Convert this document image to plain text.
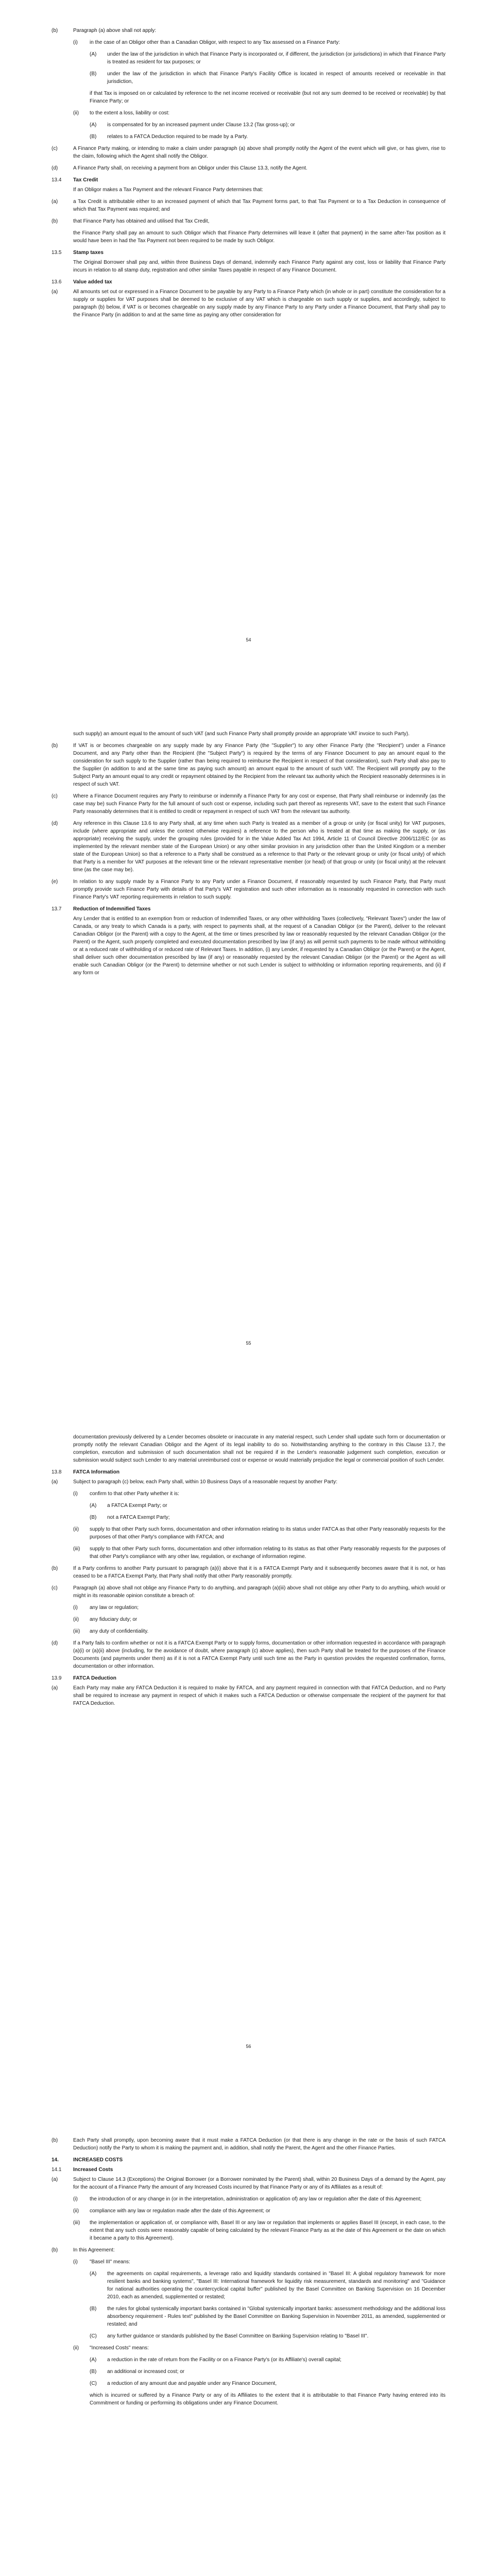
(b)	Paragraph (a) above shall not apply:
(i)	in the case of an Obligor other than a Canadian Obligor, with respect to any Tax assessed on a Finance Party:
(A)	under the law of the jurisdiction in which that Finance Party is incorporated or, if different, the jurisdiction (or jurisdictions) in which that Finance Party is treated as resident for tax purposes; or
(B)	under the law of the jurisdiction in which that Finance Party's Facility Office is located in respect of amounts received or receivable in that jurisdiction,
if that Tax is imposed on or calculated by reference to the net income received or receivable (but not any sum deemed to be received or receivable) by that Finance Party; or
(ii)	to the extent a loss, liability or cost:
(A)	is compensated for by an increased payment under Clause 13.2 (Tax gross-up); or
(B)	relates to a FATCA Deduction required to be made by a Party.
(c)	A Finance Party making, or intending to make a claim under paragraph (a) above shall promptly notify the Agent of the event which will give, or has given, rise to the claim, following which the Agent shall notify the Obligor.
(d)	A Finance Party shall, on receiving a payment from an Obligor under this Clause 13.3, notify the Agent.
13.4	Tax Credit
If an Obligor makes a Tax Payment and the relevant Finance Party determines that:
(a)	a Tax Credit is attributable either to an increased payment of which that Tax Payment forms part, to that Tax Payment or to a Tax Deduction in consequence of which that Tax Payment was required; and
(b)	that Finance Party has obtained and utilised that Tax Credit,
the Finance Party shall pay an amount to such Obligor which that Finance Party determines will leave it (after that payment) in the same after-Tax position as it would have been in had the Tax Payment not been required to be made by such Obligor.
13.5	Stamp taxes
The Original Borrower shall pay and, within three Business Days of demand, indemnify each Finance Party against any cost, loss or liability that Finance Party incurs in relation to all stamp duty, registration and other similar Taxes payable in respect of any Finance Document.
13.6	Value added tax
(a)	All amounts set out or expressed in a Finance Document to be payable by any Party to a Finance Party which (in whole or in part) constitute the consideration for a supply or supplies for VAT purposes shall be deemed to be exclusive of any VAT which is chargeable on such supply or supplies, and accordingly, subject to paragraph (b) below, if VAT is or becomes chargeable on any supply made by any Finance Party to any Party under a Finance Document, that Party shall pay to the Finance Party (in addition to and at the same time as paying any other consideration for
54
such supply) an amount equal to the amount of such VAT (and such Finance Party shall promptly provide an appropriate VAT invoice to such Party).
(b)	If VAT is or becomes chargeable on any supply made by any Finance Party (the "Supplier") to any other Finance Party (the "Recipient") under a Finance Document, and any Party other than the Recipient (the "Subject Party") is required by the terms of any Finance Document to pay an amount equal to the consideration for such supply to the Supplier (rather than being required to reimburse the Recipient in respect of that consideration), such Party shall also pay to the Supplier (in addition to and at the same time as paying such amount) an amount equal to the amount of such VAT. The Recipient will promptly pay to the Subject Party an amount equal to any credit or repayment obtained by the Recipient from the relevant tax authority which the Recipient reasonably determines is in respect of such VAT.
(c)	Where a Finance Document requires any Party to reimburse or indemnify a Finance Party for any cost or expense, that Party shall reimburse or indemnify (as the case may be) such Finance Party for the full amount of such cost or expense, including such part thereof as represents VAT, save to the extent that such Finance Party reasonably determines that it is entitled to credit or repayment in respect of such VAT from the relevant tax authority.
(d)	Any reference in this Clause 13.6 to any Party shall, at any time when such Party is treated as a member of a group or unity (or fiscal unity) for VAT purposes, include (where appropriate and unless the context otherwise requires) a reference to the person who is treated at that time as making the supply, or (as appropriate) receiving the supply, under the grouping rules (provided for in the Value Added Tax Act 1994, Article 11 of Council Directive 2006/112/EC (or as implemented by the relevant member state of the European Union) or any other similar provision in any jurisdiction other than the United Kingdom or a member state of the European Union) so that a reference to a Party shall be construed as a reference to that Party or the relevant group or unity (or fiscal unity) of which that Party is a member for VAT purposes at the relevant time or the relevant representative member (or head) of that group or unity (or fiscal unity) at the relevant time (as the case may be).
(e)	In relation to any supply made by a Finance Party to any Party under a Finance Document, if reasonably requested by such Finance Party, that Party must promptly provide such Finance Party with details of that Party's VAT registration and such other information as is reasonably requested in connection with such Finance Party's VAT reporting requirements in relation to such supply.
13.7	Reduction of Indemnified Taxes
Any Lender that is entitled to an exemption from or reduction of Indemnified Taxes, or any other withholding Taxes (collectively, "Relevant Taxes") under the law of Canada, or any treaty to which Canada is a party, with respect to payments shall, at the request of a Canadian Obligor (or the Parent), deliver to the relevant Canadian Obligor (or the Parent) with a copy to the Agent, at the time or times prescribed by law or reasonably requested by the relevant Canadian Obligor (or the Parent) or the Agent, such properly completed and executed documentation prescribed by law (if any) as will permit such payments to be made without withholding or at a reduced rate of withholding of or reduced rate of Relevant Taxes. In addition, (i) any Lender, if requested by a Canadian Obligor (or the Parent) or the Agent, shall deliver such other documentation prescribed by law (if any) or reasonably requested by the relevant Canadian Obligor (or the Parent) or the Agent as will enable such Canadian Obligor (or the Parent) to determine whether or not such Lender is subject to withholding or information reporting requirements, and (ii) if any form or
55
documentation previously delivered by a Lender becomes obsolete or inaccurate in any material respect, such Lender shall update such form or documentation or promptly notify the relevant Canadian Obligor and the Agent of its legal inability to do so. Notwithstanding anything to the contrary in this Clause 13.7, the completion, execution and submission of such documentation shall not be required if in the Lender's reasonable judgement such completion, execution or submission would subject such Lender to any material unreimbursed cost or expense or would materially prejudice the legal or commercial position of such Lender.
13.8	FATCA Information
(a)	Subject to paragraph (c) below, each Party shall, within 10 Business Days of a reasonable request by another Party:
(i)	confirm to that other Party whether it is:
(A)	a FATCA Exempt Party; or
(B)	not a FATCA Exempt Party;
(ii)	supply to that other Party such forms, documentation and other information relating to its status under FATCA as that other Party reasonably requests for the purposes of that other Party's compliance with FATCA; and
(iii)	supply to that other Party such forms, documentation and other information relating to its status as that other Party reasonably requests for the purposes of that other Party's compliance with any other law, regulation, or exchange of information regime.
(b)	If a Party confirms to another Party pursuant to paragraph (a)(i) above that it is a FATCA Exempt Party and it subsequently becomes aware that it is not, or has ceased to be a FATCA Exempt Party, that Party shall notify that other Party reasonably promptly.
(c)	Paragraph (a) above shall not oblige any Finance Party to do anything, and paragraph (a)(iii) above shall not oblige any other Party to do anything, which would or might in its reasonable opinion constitute a breach of:
(i)	any law or regulation;
(ii)	any fiduciary duty; or
(iii)	any duty of confidentiality.
(d)	If a Party fails to confirm whether or not it is a FATCA Exempt Party or to supply forms, documentation or other information requested in accordance with paragraph (a)(i) or (a)(ii) above (including, for the avoidance of doubt, where paragraph (c) above applies), then such Party shall be treated for the purposes of the Finance Documents (and payments under them) as if it is not a FATCA Exempt Party until such time as the Party in question provides the requested confirmation, forms, documentation or other information.
13.9	FATCA Deduction
(a)	Each Party may make any FATCA Deduction it is required to make by FATCA, and any payment required in connection with that FATCA Deduction, and no Party shall be required to increase any payment in respect of which it makes such a FATCA Deduction or otherwise compensate the recipient of the payment for that FATCA Deduction.
56
(b)	Each Party shall promptly, upon becoming aware that it must make a FATCA Deduction (or that there is any change in the rate or the basis of such FATCA Deduction) notify the Party to whom it is making the payment and, in addition, shall notify the Parent, the Agent and the other Finance Parties.
14.	INCREASED COSTS
14.1	Increased Costs
(a)	Subject to Clause 14.3 (Exceptions) the Original Borrower (or a Borrower nominated by the Parent) shall, within 20 Business Days of a demand by the Agent, pay for the account of a Finance Party the amount of any Increased Costs incurred by that Finance Party or any of its Affiliates as a result of:
(i)	the introduction of or any change in (or in the interpretation, administration or application of) any law or regulation after the date of this Agreement;
(ii)	compliance with any law or regulation made after the date of this Agreement; or
(iii)	the implementation or application of, or compliance with, Basel III or any law or regulation that implements or applies Basel III (except, in each case, to the extent that any such costs were reasonably capable of being calculated by the relevant Finance Party as at the date of this Agreement or the date on which it became a party to this Agreement).
(b)	In this Agreement:
(i)	"Basel III" means:
(A)	the agreements on capital requirements, a leverage ratio and liquidity standards contained in "Basel III: A global regulatory framework for more resilient banks and banking systems", "Basel III: International framework for liquidity risk measurement, standards and monitoring" and "Guidance for national authorities operating the countercyclical capital buffer" published by the Basel Committee on Banking Supervision on 16 December 2010, each as amended, supplemented or restated;
(B)	the rules for global systemically important banks contained in "Global systemically important banks: assessment methodology and the additional loss absorbency requirement - Rules text" published by the Basel Committee on Banking Supervision in November 2011, as amended, supplemented or restated; and
(C)	any further guidance or standards published by the Basel Committee on Banking Supervision relating to "Basel III".
(ii)	"Increased Costs" means:
(A)	a reduction in the rate of return from the Facility or on a Finance Party's (or its Affiliate's) overall capital;
(B)	an additional or increased cost; or
(C)	a reduction of any amount due and payable under any Finance Document,
which is incurred or suffered by a Finance Party or any of its Affiliates to the extent that it is attributable to that Finance Party having entered into its Commitment or funding or performing its obligations under any Finance Document.
